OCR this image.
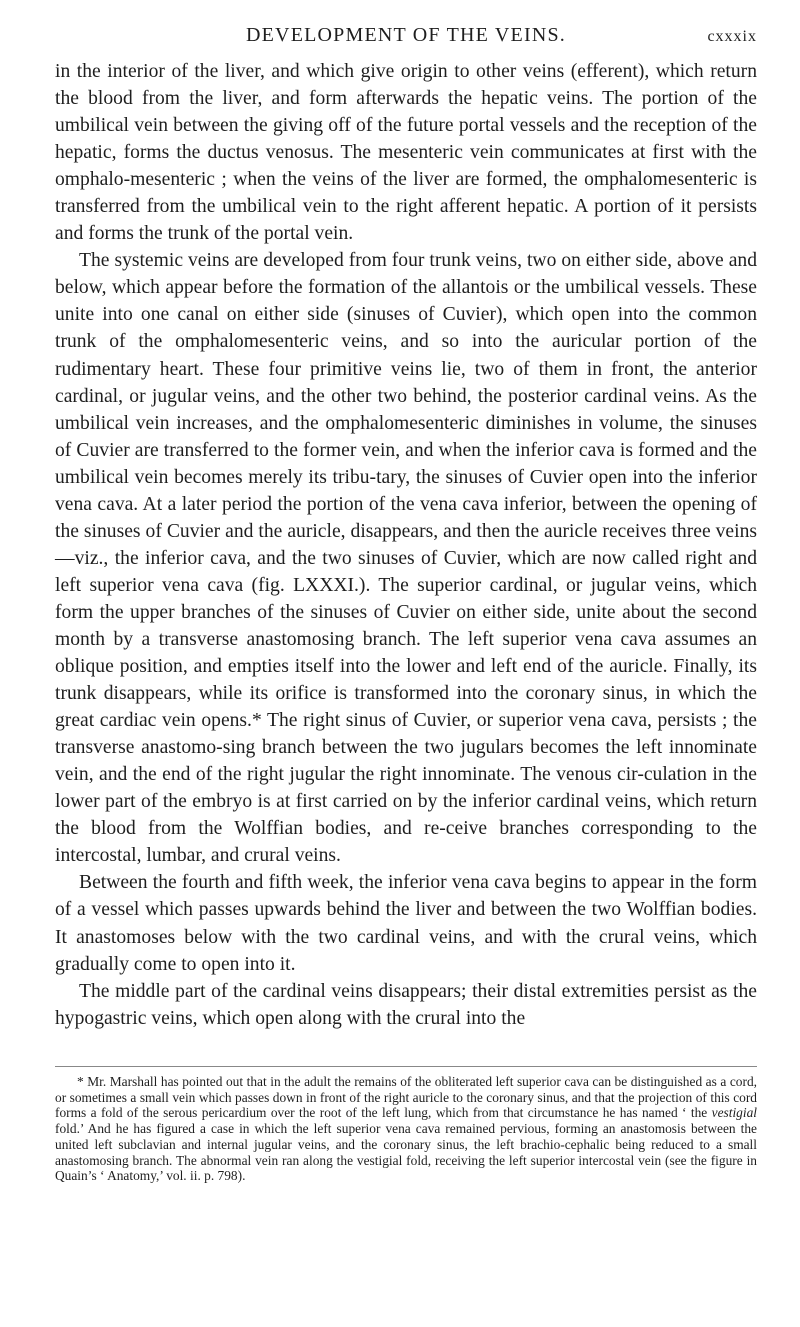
DEVELOPMENT OF THE VEINS.	cxxxix

in the interior of the liver, and which give origin to other veins (efferent), which return the blood from the liver, and form afterwards the hepatic veins. The portion of the umbilical vein between the giving off of the future portal vessels and the reception of the hepatic, forms the ductus venosus. The mesenteric vein communicates at first with the omphalo-mesenteric ; when the veins of the liver are formed, the omphalomesenteric is transferred from the umbilical vein to the right afferent hepatic. A portion of it persists and forms the trunk of the portal vein.

The systemic veins are developed from four trunk veins, two on either side, above and below, which appear before the formation of the allantois or the umbilical vessels. These unite into one canal on either side (sinuses of Cuvier), which open into the common trunk of the omphalomesenteric veins, and so into the auricular portion of the rudimentary heart. These four primitive veins lie, two of them in front, the anterior cardinal, or jugular veins, and the other two behind, the posterior cardinal veins. As the umbilical vein increases, and the omphalomesenteric diminishes in volume, the sinuses of Cuvier are transferred to the former vein, and when the inferior cava is formed and the umbilical vein becomes merely its tribu-tary, the sinuses of Cuvier open into the inferior vena cava. At a later period the portion of the vena cava inferior, between the opening of the sinuses of Cuvier and the auricle, disappears, and then the auricle receives three veins—viz., the inferior cava, and the two sinuses of Cuvier, which are now called right and left superior vena cava (fig. LXXXI.). The superior cardinal, or jugular veins, which form the upper branches of the sinuses of Cuvier on either side, unite about the second month by a transverse anastomosing branch. The left superior vena cava assumes an oblique position, and empties itself into the lower and left end of the auricle. Finally, its trunk disappears, while its orifice is transformed into the coronary sinus, in which the great cardiac vein opens.* The right sinus of Cuvier, or superior vena cava, persists ; the transverse anastomo-sing branch between the two jugulars becomes the left innominate vein, and the end of the right jugular the right innominate. The venous cir-culation in the lower part of the embryo is at first carried on by the inferior cardinal veins, which return the blood from the Wolffian bodies, and re-ceive branches corresponding to the intercostal, lumbar, and crural veins.

Between the fourth and fifth week, the inferior vena cava begins to appear in the form of a vessel which passes upwards behind the liver and between the two Wolffian bodies. It anastomoses below with the two cardinal veins, and with the crural veins, which gradually come to open into it.

The middle part of the cardinal veins disappears; their distal extremities persist as the hypogastric veins, which open along with the crural into the

* Mr. Marshall has pointed out that in the adult the remains of the obliterated left superior cava can be distinguished as a cord, or sometimes a small vein which passes down in front of the right auricle to the coronary sinus, and that the projection of this cord forms a fold of the serous pericardium over the root of the left lung, which from that circumstance he has named ‘ the vestigial fold.’ And he has figured a case in which the left superior vena cava remained pervious, forming an anastomosis between the united left subclavian and internal jugular veins, and the coronary sinus, the left brachio-cephalic being reduced to a small anastomosing branch. The abnormal vein ran along the vestigial fold, receiving the left superior intercostal vein (see the figure in Quain’s ‘ Anatomy,’ vol. ii. p. 798).
